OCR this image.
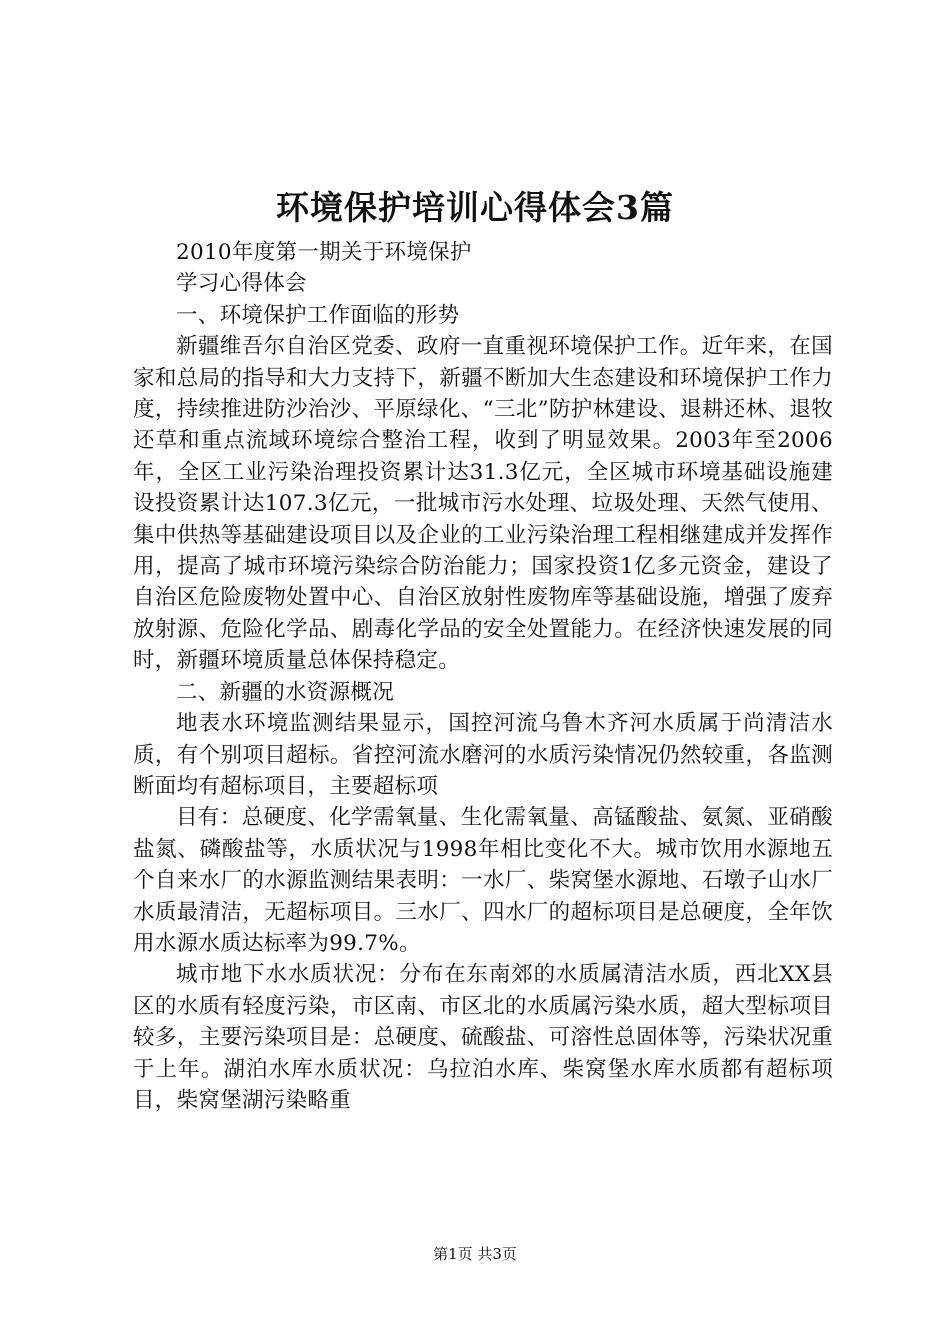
环境保护培训心得体会3篇

2010年度第一期关于环境保护

学习心得体会

一、环境保护工作面临的形势

新疆维吾尔自治区党委、政府一直重视环境保护工作。近年来，在国家和总局的指导和大力支持下，新疆不断加大生态建设和环境保护工作力度，持续推进防沙治沙、平原绿化、“三北”防护林建设、退耕还林、退牧还草和重点流域环境综合整治工程，收到了明显效果。2003年至2006年，全区工业污染治理投资累计达31.3亿元，全区城市环境基础设施建设投资累计达107.3亿元，一批城市污水处理、垃圾处理、天然气使用、集中供热等基础建设项目以及企业的工业污染治理工程相继建成并发挥作用，提高了城市环境污染综合防治能力；国家投资1亿多元资金，建设了自治区危险废物处置中心、自治区放射性废物库等基础设施，增强了废弃放射源、危险化学品、剧毒化学品的安全处置能力。在经济快速发展的同时，新疆环境质量总体保持稳定。

二、新疆的水资源概况

地表水环境监测结果显示，国控河流乌鲁木齐河水质属于尚清洁水质，有个别项目超标。省控河流水磨河的水质污染情况仍然较重，各监测断面均有超标项目，主要超标项

目有：总硬度、化学需氧量、生化需氧量、高锰酸盐、氨氮、亚硝酸盐氮、磷酸盐等，水质状况与1998年相比变化不大。城市饮用水源地五个自来水厂的水源监测结果表明：一水厂、柴窝堡水源地、石墩子山水厂水质最清洁，无超标项目。三水厂、四水厂的超标项目是总硬度，全年饮用水源水质达标率为99.7%。

城市地下水水质状况：分布在东南郊的水质属清洁水质，西北XX县区的水质有轻度污染，市区南、市区北的水质属污染水质，超大型标项目较多，主要污染项目是：总硬度、硫酸盐、可溶性总固体等，污染状况重于上年。湖泊水库水质状况：乌拉泊水库、柴窝堡水库水质都有超标项目，柴窝堡湖污染略重

第1页 共3页
